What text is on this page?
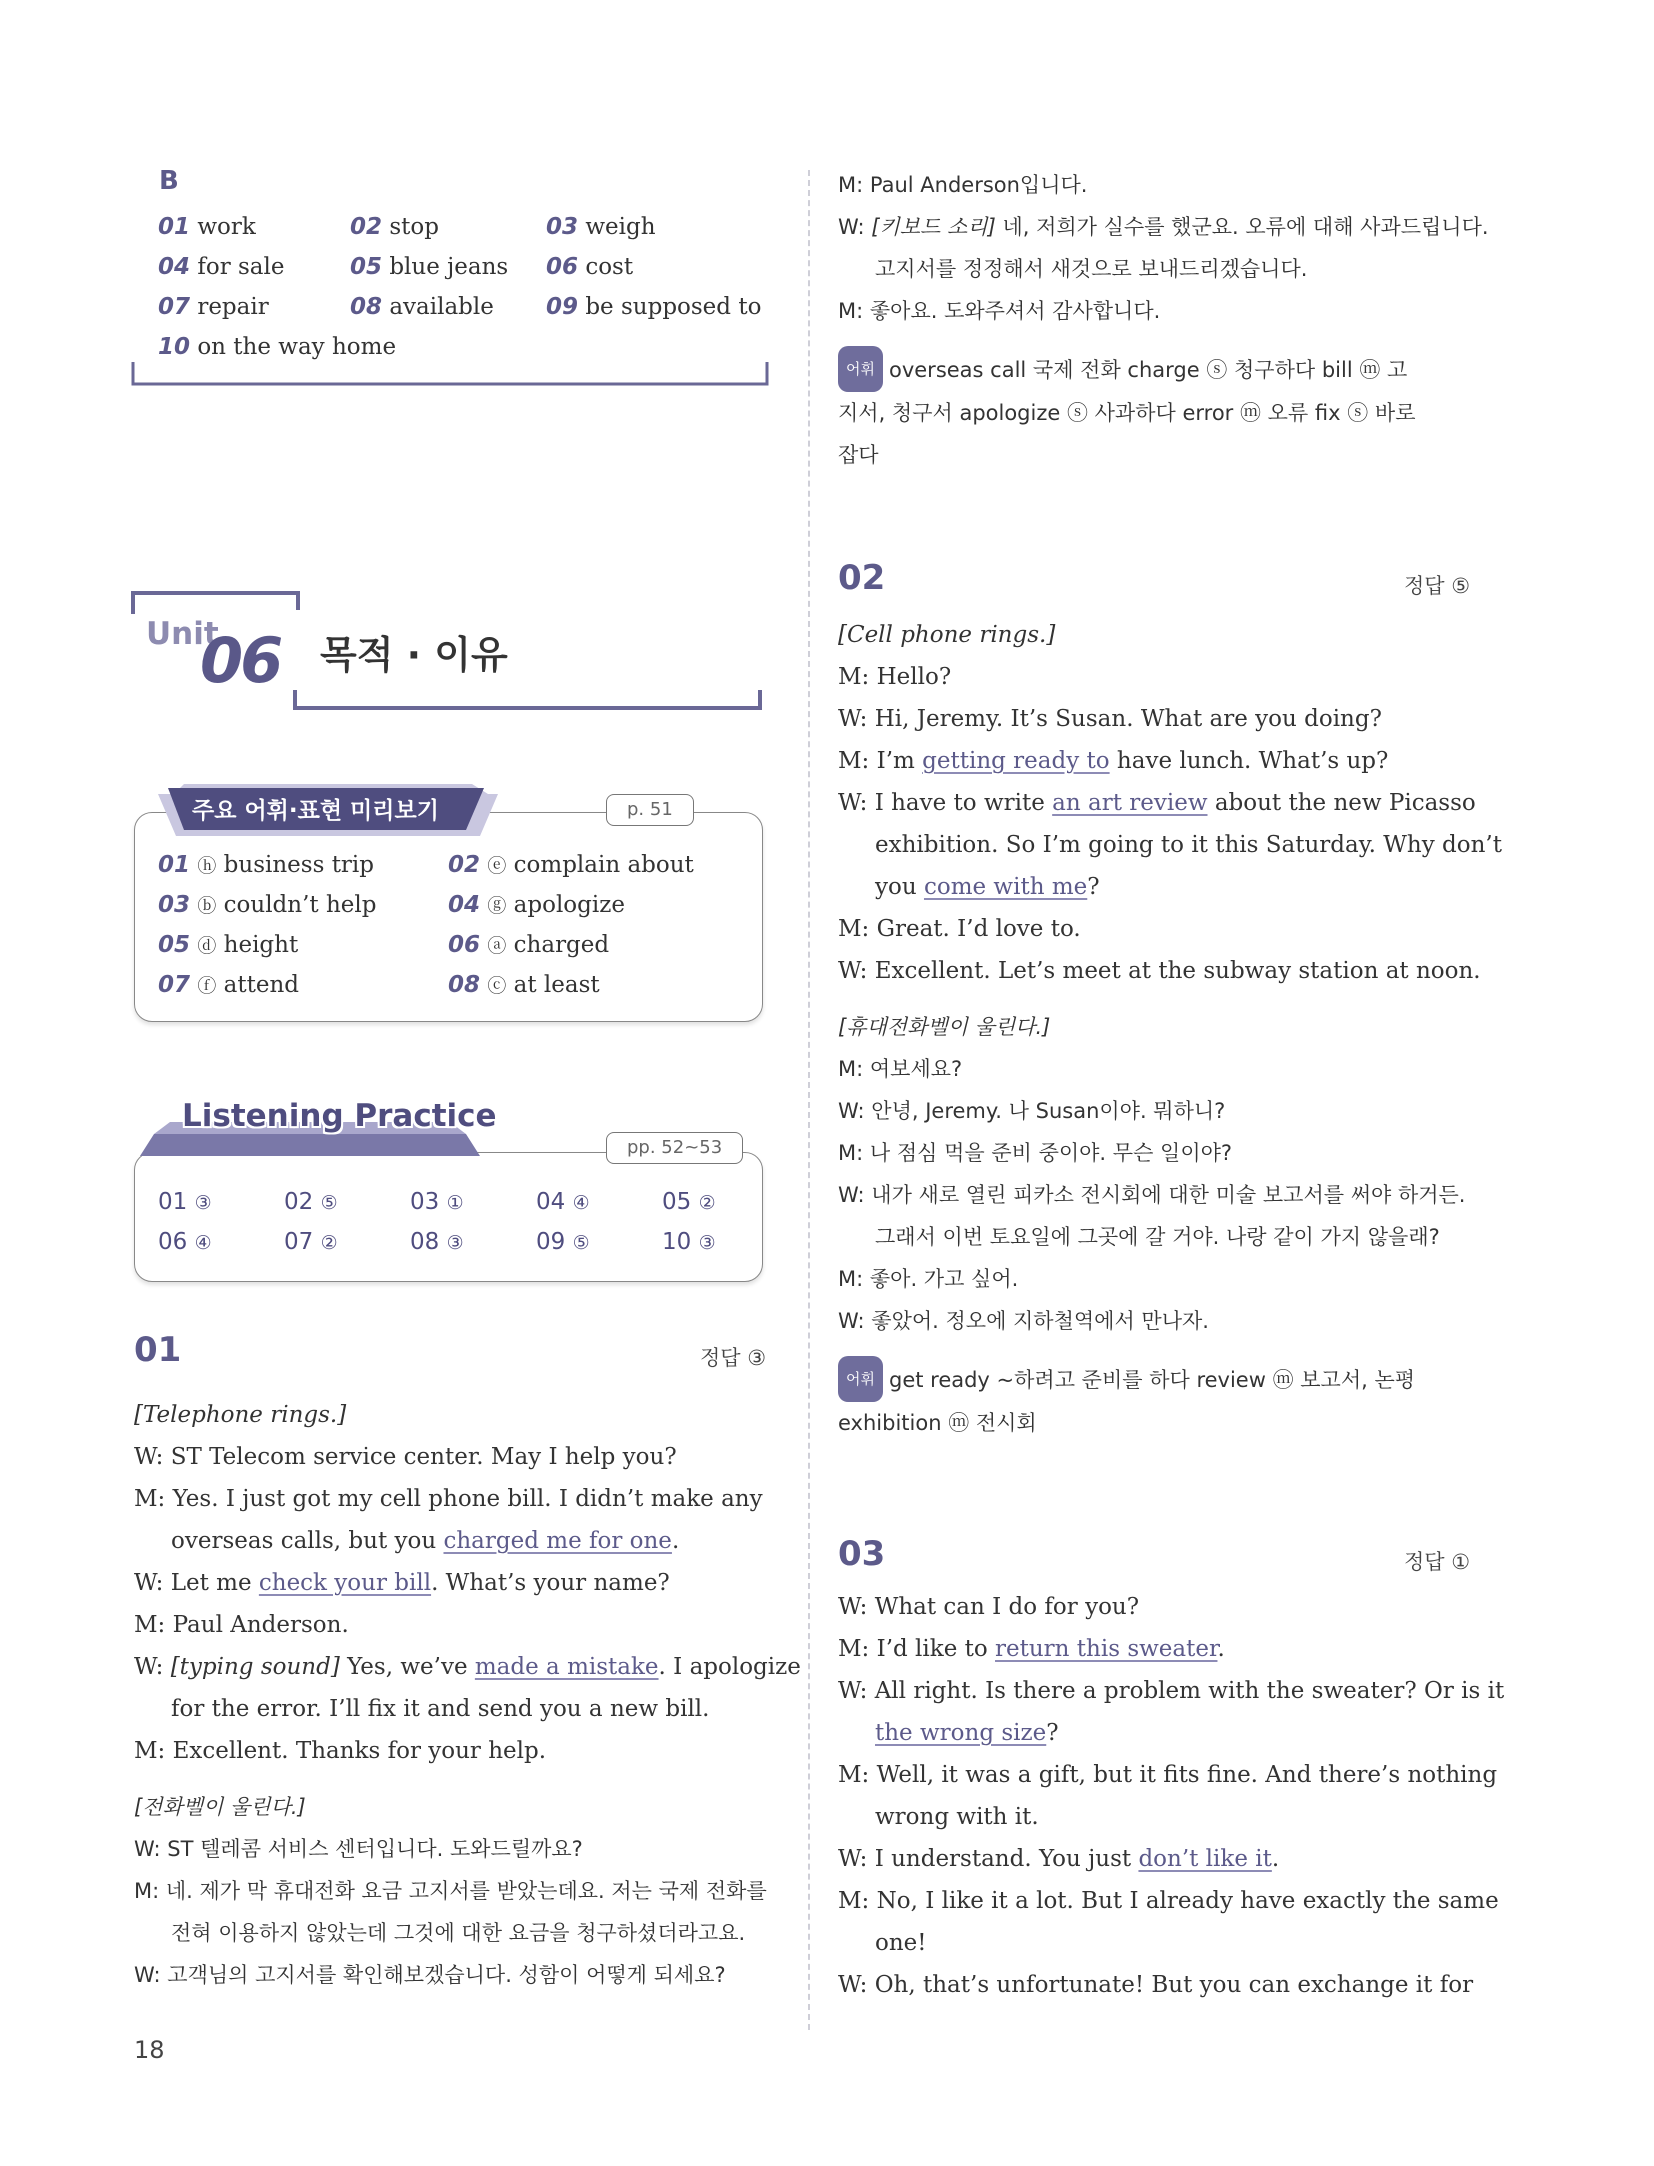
B
01 work	02 stop	03 weigh
04 for sale	05 blue jeans 06 cost
07 repair	08 available 09 be supposed to
10 on the way home
Unit
06 목적 · 이유
주요 어휘·표현 미리보기	p. 51
01 ⓗ business trip	02 ⓔ complain about
03 ⓑ couldn’t help	04 ⓖ apologize
05 ⓓ height	06 ⓐ charged
07 ⓕ attend	08 ⓒ at least
Listening Practice
pp. 52~53
01 ③	02 ⑤	03 ①	04 ④	05 ②
06 ④	07 ②	08 ③	09 ⑤	10 ③
01	정답 ③
[Telephone rings.]
W: ST Telecom service center. May I help you?
M: Yes. I just got my cell phone bill. I didn’t make any
overseas calls, but you charged me for one.
W: Let me check your bill. What’s your name?
M: Paul Anderson.
W: [typing sound] Yes, we’ve made a mistake. I apologize
for the error. I’ll fix it and send you a new bill.
M: Excellent. Thanks for your help.
[전화벨이 울린다.]
W: ST 텔레콤 서비스 센터입니다. 도와드릴까요?
M: 네. 제가 막 휴대전화 요금 고지서를 받았는데요. 저는 국제 전화를
전혀 이용하지 않았는데 그것에 대한 요금을 청구하셨더라고요.
W: 고객님의 고지서를 확인해보겠습니다. 성함이 어떻게 되세요?
18
M: Paul Anderson입니다.
W: [키보드 소리] 네, 저희가 실수를 했군요. 오류에 대해 사과드립니다.
고지서를 정정해서 새것으로 보내드리겠습니다.
M: 좋아요. 도와주셔서 감사합니다.
어휘 overseas call 국제 전화 charge ⓢ 청구하다 bill ⓜ 고
지서, 청구서 apologize ⓢ 사과하다 error ⓜ 오류 fix ⓢ 바로
잡다
02	정답 ⑤
[Cell phone rings.]
M: Hello?
W: Hi, Jeremy. It’s Susan. What are you doing?
M: I’m getting ready to have lunch. What’s up?
W: I have to write an art review about the new Picasso
exhibition. So I’m going to it this Saturday. Why don’t
you come with me?
M: Great. I’d love to.
W: Excellent. Let’s meet at the subway station at noon.
[휴대전화벨이 울린다.]
M: 여보세요?
W: 안녕, Jeremy. 나 Susan이야. 뭐하니?
M: 나 점심 먹을 준비 중이야. 무슨 일이야?
W: 내가 새로 열린 피카소 전시회에 대한 미술 보고서를 써야 하거든.
그래서 이번 토요일에 그곳에 갈 거야. 나랑 같이 가지 않을래?
M: 좋아. 가고 싶어.
W: 좋았어. 정오에 지하철역에서 만나자.
어휘 get ready ~하려고 준비를 하다 review ⓜ 보고서, 논평
exhibition ⓜ 전시회
03	정답 ①
W: What can I do for you?
M: I’d like to return this sweater.
W: All right. Is there a problem with the sweater? Or is it
the wrong size?
M: Well, it was a gift, but it fits fine. And there’s nothing
wrong with it.
W: I understand. You just don’t like it.
M: No, I like it a lot. But I already have exactly the same
one!
W: Oh, that’s unfortunate! But you can exchange it for
